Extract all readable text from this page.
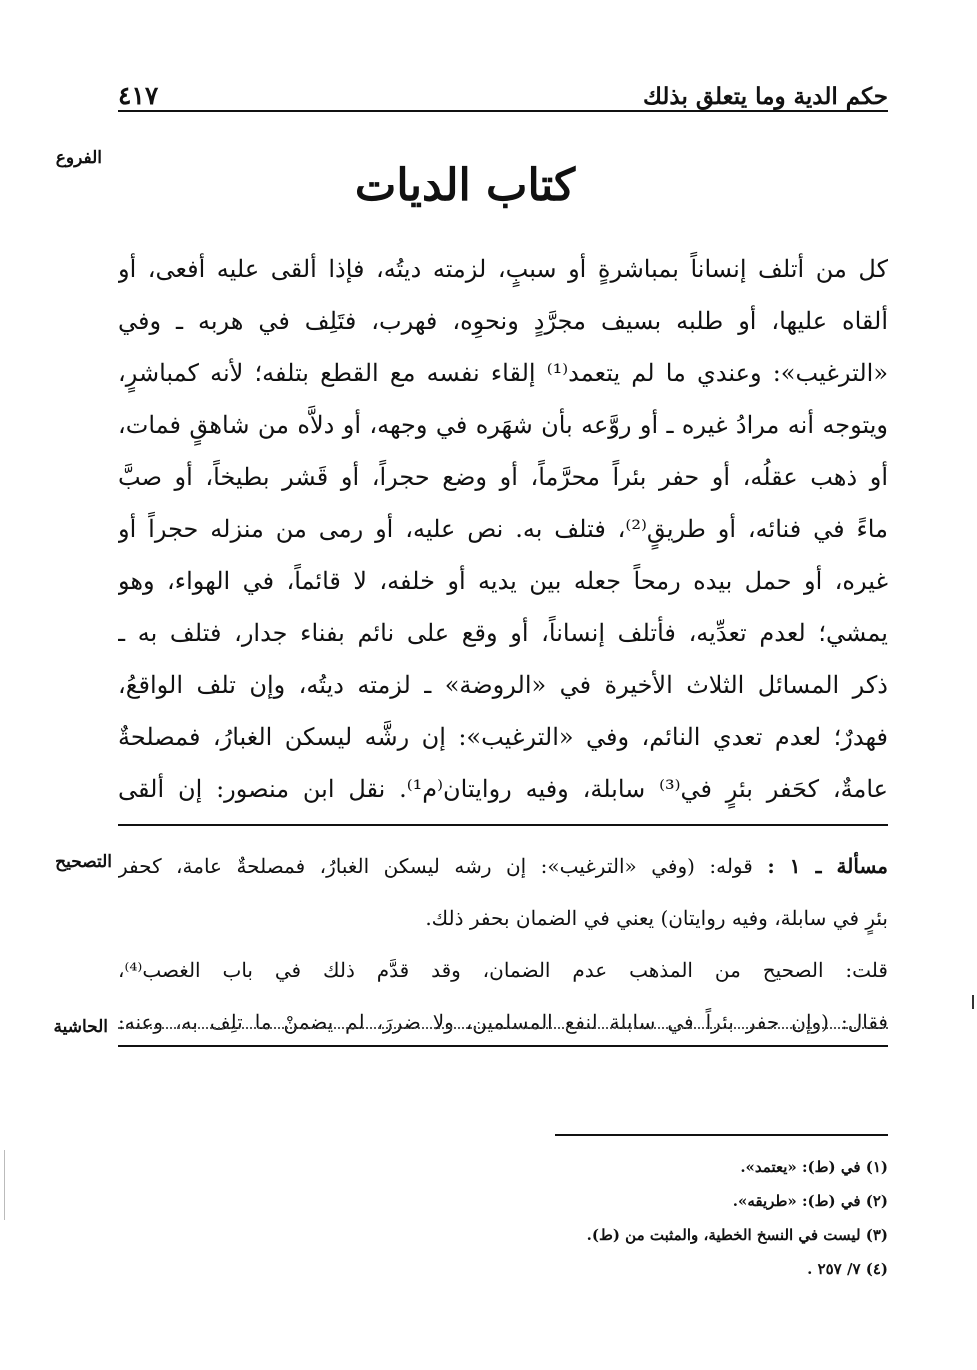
حكم الدية وما يتعلق بذلك
٤١٧
الفروع
التصحيح
الحاشية
كتاب الديات
كل من أتلف إنساناً بمباشرةٍ أو سببٍ، لزمته ديتُه، فإذا ألقى عليه أفعى، أو
ألقاه عليها، أو طلبه بسيف مجرَّدٍ ونحوِه، فهرب، فتَلِف في هربه ـ وفي
«الترغيب»: وعندي ما لم يتعمد⁽¹⁾ إلقاء نفسه مع القطع بتلفه؛ لأنه كمباشرٍ،
ويتوجه أنه مرادُ غيره ـ أو روَّعه بأن شهَره في وجهه، أو دلاَّه من شاهقٍ فمات،
أو ذهب عقلُه، أو حفر بئراً محرَّماً، أو وضع حجراً، أو قَشر بطيخاً، أو صبَّ
ماءً في فنائه، أو طريقٍ⁽²⁾، فتلف به. نص عليه، أو رمى من منزله حجراً أو
غيره، أو حمل بيده رمحاً جعله بين يديه أو خلفه، لا قائماً، في الهواء، وهو
يمشي؛ لعدم تعدِّيه، فأتلف إنساناً، أو وقع على نائم بفناء جدار، فتلف به ـ
ذكر المسائل الثلاث الأخيرة في «الروضة» ـ لزمته ديتُه، وإن تلف الواقعُ،
فهدرٌ؛ لعدم تعدي النائم، وفي «الترغيب»: إن رشَّه ليسكن الغبارُ، فمصلحةٌ
عامةٌ، كحَفر بئرٍ في⁽³⁾ سابلة، وفيه روايتان⁽م¹⁾. نقل ابن منصور: إن ألقى
مسألة ـ ١ : قوله: (وفي «الترغيب»: إن رشه ليسكن الغبارُ، فمصلحةٌ عامة، كحفر
بئرٍ في سابلة، وفيه روايتان) يعني في الضمان بحفر ذلك.
قلت: الصحيح من المذهب عدم الضمان، وقد قدَّم ذلك في باب الغصب⁽⁴⁾،
فقال: (وإن حفر بئراً في سابلة لنفع المسلمين، ولا ضررَ، لم يضمنْ ما تلِف به، وعنه:
(١) في (ط): «يعتمد».
(٢) في (ط): «طريقه».
(٣) ليست في النسخ الخطية، والمثبت من (ط).
(٤) ٧/ ٢٥٧ .
